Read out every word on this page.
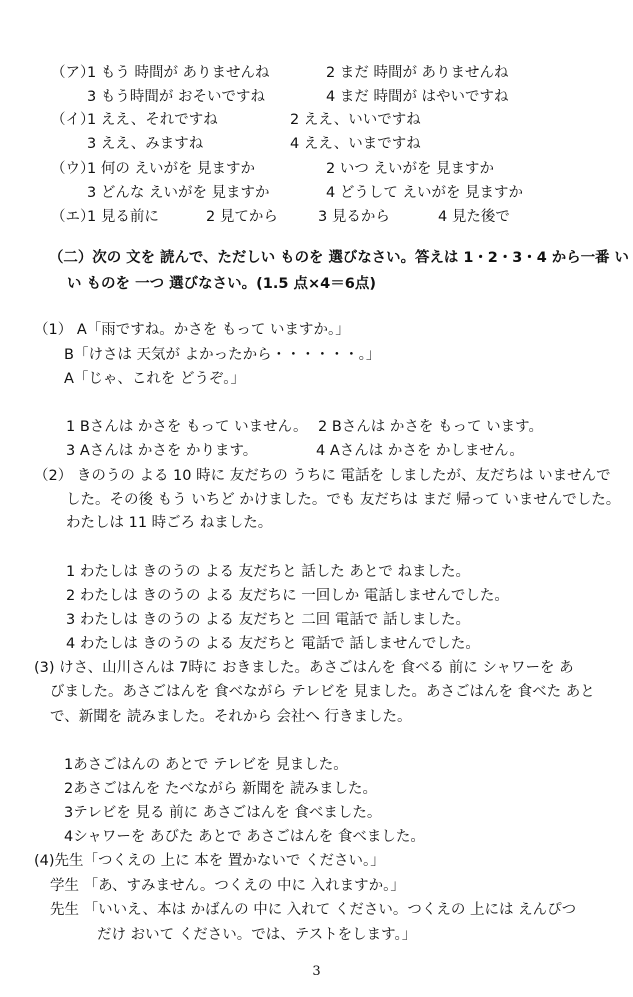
（ア）
1 もう 時間が ありませんね	2 まだ 時間が ありませんね
3 もう時間が おそいですね	4 まだ 時間が はやいですね
（イ）
1 ええ、それですね	2 ええ、いいですね
3 ええ、みますね	4 ええ、いまですね
（ウ）
1 何の えいがを 見ますか	2 いつ えいがを 見ますか
3 どんな えいがを 見ますか	4 どうして えいがを 見ますか
（エ）
1 見る前に	2 見てから	3 見るから	4 見た後で
（二）次の 文を 読んで、ただしい ものを 選びなさい。答えは 1・2・3・4 から一番 い
い ものを 一つ 選びなさい。(1.5 点×4＝6点)
（1） A「雨ですね。かさを もって いますか。」
B「けさは 天気が よかったから・・・・・・。」
A「じゃ、これを どうぞ。」
1 Bさんは かさを もって いません。 2 Bさんは かさを もって います。
3 Aさんは かさを かります。	4 Aさんは かさを かしません。
（2） きのうの よる 10 時に 友だちの うちに 電話を しましたが、友だちは いませんで
した。その後 もう いちど かけました。でも 友だちは まだ 帰って いませんでした。
わたしは 11 時ごろ ねました。
1 わたしは きのうの よる 友だちと 話した あとで ねました。
2 わたしは きのうの よる 友だちに 一回しか 電話しませんでした。
3 わたしは きのうの よる 友だちと 二回 電話で 話しました。
4 わたしは きのうの よる 友だちと 電話で 話しませんでした。
(3) けさ、山川さんは 7時に おきました。あさごはんを 食べる 前に シャワーを あ
びました。あさごはんを 食べながら テレビを 見ました。あさごはんを 食べた あと
で、新聞を 読みました。それから 会社へ 行きました。
1あさごはんの あとで テレビを 見ました。
2あさごはんを たべながら 新聞を 読みました。
3テレビを 見る 前に あさごはんを 食べました。
4シャワーを あびた あとで あさごはんを 食べました。
(4)先生「つくえの 上に 本を 置かないで ください。」
学生 「あ、すみません。つくえの 中に 入れますか。」
先生 「いいえ、本は かばんの 中に 入れて ください。つくえの 上には えんぴつ
だけ おいて ください。では、テストをします。」
3
